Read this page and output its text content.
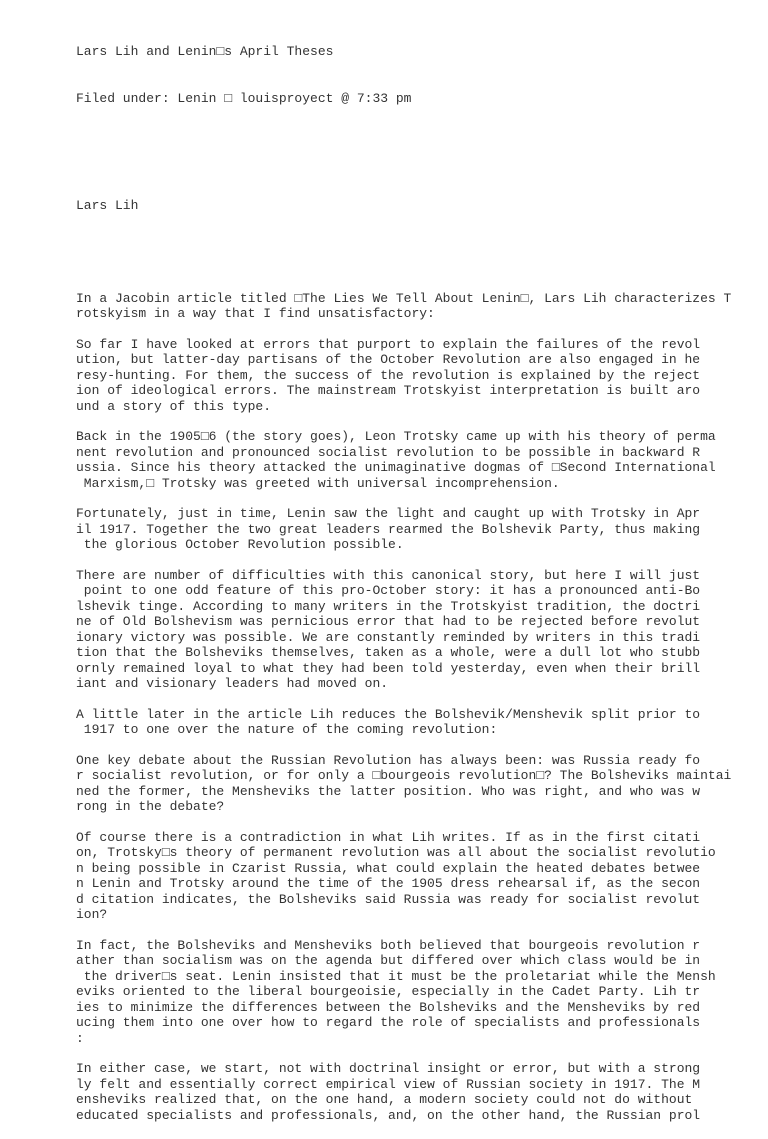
Lars Lih and Lenin□s April Theses

Filed under: Lenin □ louisproyect @ 7:33 pm

Lars Lih

In a Jacobin article titled □The Lies We Tell About Lenin□, Lars Lih characterizes T
rotskyism in a way that I find unsatisfactory:
So far I have looked at errors that purport to explain the failures of the revol
ution, but latter-day partisans of the October Revolution are also engaged in he
resy-hunting. For them, the success of the revolution is explained by the reject
ion of ideological errors. The mainstream Trotskyist interpretation is built aro
und a story of this type.
Back in the 1905□6 (the story goes), Leon Trotsky came up with his theory of perma
nent revolution and pronounced socialist revolution to be possible in backward R
ussia. Since his theory attacked the unimaginative dogmas of □Second International
Marxism,□ Trotsky was greeted with universal incomprehension.
Fortunately, just in time, Lenin saw the light and caught up with Trotsky in Apr
il 1917. Together the two great leaders rearmed the Bolshevik Party, thus making
the glorious October Revolution possible.
There are number of difficulties with this canonical story, but here I will just
point to one odd feature of this pro-October story: it has a pronounced anti-Bo
lshevik tinge. According to many writers in the Trotskyist tradition, the doctri
ne of Old Bolshevism was pernicious error that had to be rejected before revolut
ionary victory was possible. We are constantly reminded by writers in this tradi
tion that the Bolsheviks themselves, taken as a whole, were a dull lot who stubb
ornly remained loyal to what they had been told yesterday, even when their brill
iant and visionary leaders had moved on.
A little later in the article Lih reduces the Bolshevik/Menshevik split prior to
1917 to one over the nature of the coming revolution:
One key debate about the Russian Revolution has always been: was Russia ready fo
r socialist revolution, or for only a □bourgeois revolution□? The Bolsheviks maintai
ned the former, the Mensheviks the latter position. Who was right, and who was w
rong in the debate?
Of course there is a contradiction in what Lih writes. If as in the first citati
on, Trotsky□s theory of permanent revolution was all about the socialist revolutio
n being possible in Czarist Russia, what could explain the heated debates betwee
n Lenin and Trotsky around the time of the 1905 dress rehearsal if, as the secon
d citation indicates, the Bolsheviks said Russia was ready for socialist revolut
ion?
In fact, the Bolsheviks and Mensheviks both believed that bourgeois revolution r
ather than socialism was on the agenda but differed over which class would be in
the driver□s seat. Lenin insisted that it must be the proletariat while the Mensh
eviks oriented to the liberal bourgeoisie, especially in the Cadet Party. Lih tr
ies to minimize the differences between the Bolsheviks and the Mensheviks by red
ucing them into one over how to regard the role of specialists and professionals
:
In either case, we start, not with doctrinal insight or error, but with a strong
ly felt and essentially correct empirical view of Russian society in 1917. The M
ensheviks realized that, on the one hand, a modern society could not do without
educated specialists and professionals, and, on the other hand, the Russian prol
